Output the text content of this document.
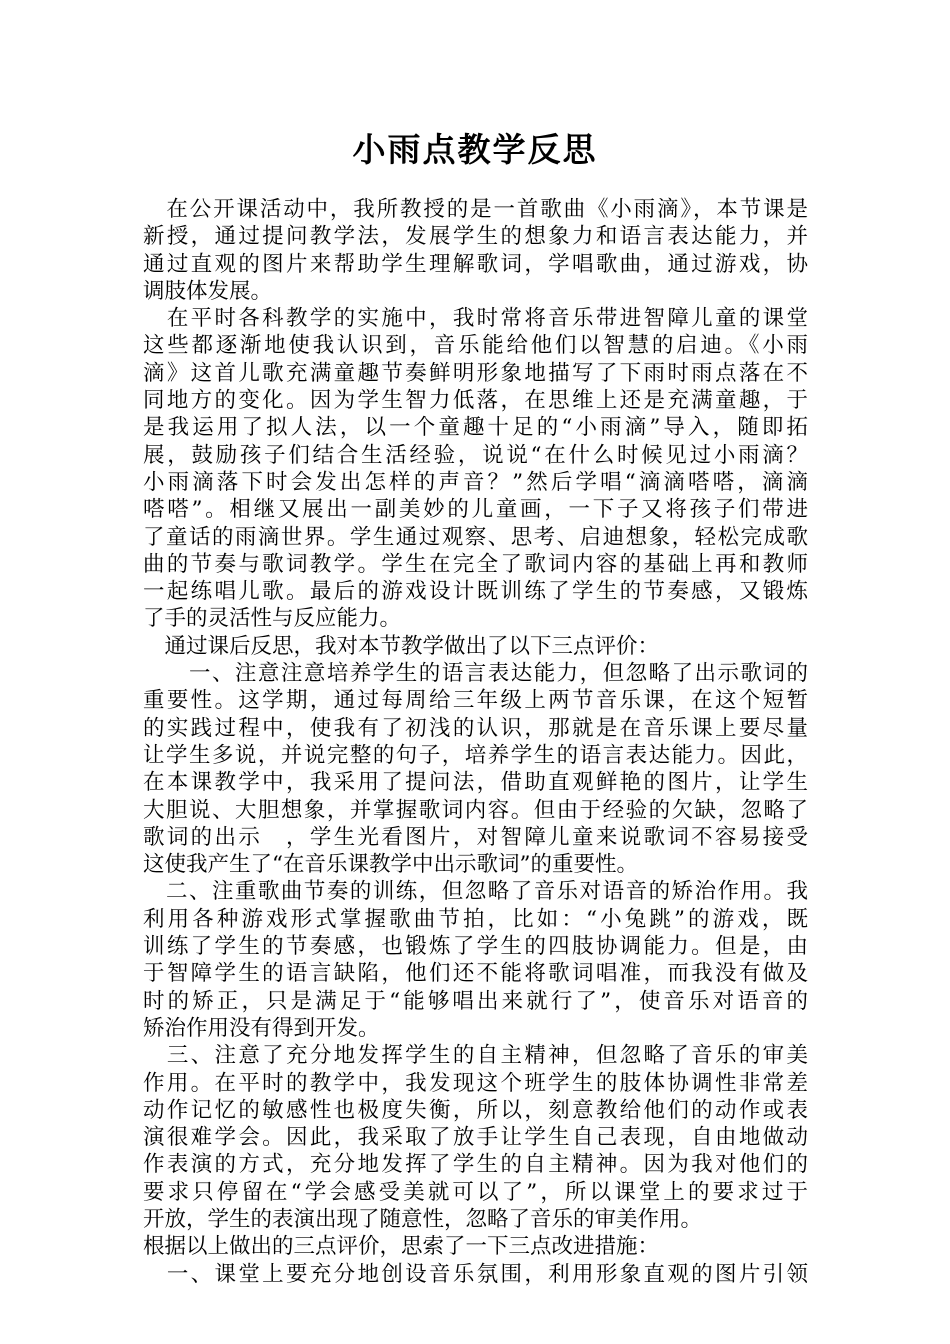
小雨点教学反思
　在公开课活动中，我所教授的是一首歌曲《小雨滴》，本节课是
新授，通过提问教学法，发展学生的想象力和语言表达能力，并
通过直观的图片来帮助学生理解歌词，学唱歌曲，通过游戏，协
调肢体发展。
　在平时各科教学的实施中，我时常将音乐带进智障儿童的课堂
这些都逐渐地使我认识到，音乐能给他们以智慧的启迪。《小雨
滴》这首儿歌充满童趣节奏鲜明形象地描写了下雨时雨点落在不
同地方的变化。因为学生智力低落，在思维上还是充满童趣，于
是我运用了拟人法，以一个童趣十足的“小雨滴”导入，随即拓
展，鼓励孩子们结合生活经验，说说“在什么时候见过小雨滴？
小雨滴落下时会发出怎样的声音？”然后学唱“滴滴嗒嗒，滴滴
嗒嗒”。相继又展出一副美妙的儿童画，一下子又将孩子们带进
了童话的雨滴世界。学生通过观察、思考、启迪想象，轻松完成歌
曲的节奏与歌词教学。学生在完全了歌词内容的基础上再和教师
一起练唱儿歌。最后的游戏设计既训练了学生的节奏感，又锻炼
了手的灵活性与反应能力。
　通过课后反思，我对本节教学做出了以下三点评价：
　　一、注意注意培养学生的语言表达能力，但忽略了出示歌词的
重要性。这学期，通过每周给三年级上两节音乐课，在这个短暂
的实践过程中，使我有了初浅的认识，那就是在音乐课上要尽量
让学生多说，并说完整的句子，培养学生的语言表达能力。因此，
在本课教学中，我采用了提问法，借助直观鲜艳的图片，让学生
大胆说、大胆想象，并掌握歌词内容。但由于经验的欠缺，忽略了
歌词的出示　，学生光看图片，对智障儿童来说歌词不容易接受
这使我产生了“在音乐课教学中出示歌词”的重要性。
　二、注重歌曲节奏的训练，但忽略了音乐对语音的矫治作用。我
利用各种游戏形式掌握歌曲节拍，比如：“小兔跳”的游戏，既
训练了学生的节奏感，也锻炼了学生的四肢协调能力。但是，由
于智障学生的语言缺陷，他们还不能将歌词唱准，而我没有做及
时的矫正，只是满足于“能够唱出来就行了”，使音乐对语音的
矫治作用没有得到开发。
　三、注意了充分地发挥学生的自主精神，但忽略了音乐的审美
作用。在平时的教学中，我发现这个班学生的肢体协调性非常差
动作记忆的敏感性也极度失衡，所以，刻意教给他们的动作或表
演很难学会。因此，我采取了放手让学生自己表现，自由地做动
作表演的方式，充分地发挥了学生的自主精神。因为我对他们的
要求只停留在“学会感受美就可以了”，所以课堂上的要求过于
开放，学生的表演出现了随意性，忽略了音乐的审美作用。
根据以上做出的三点评价，思索了一下三点改进措施：
　一、课堂上要充分地创设音乐氛围，利用形象直观的图片引领
